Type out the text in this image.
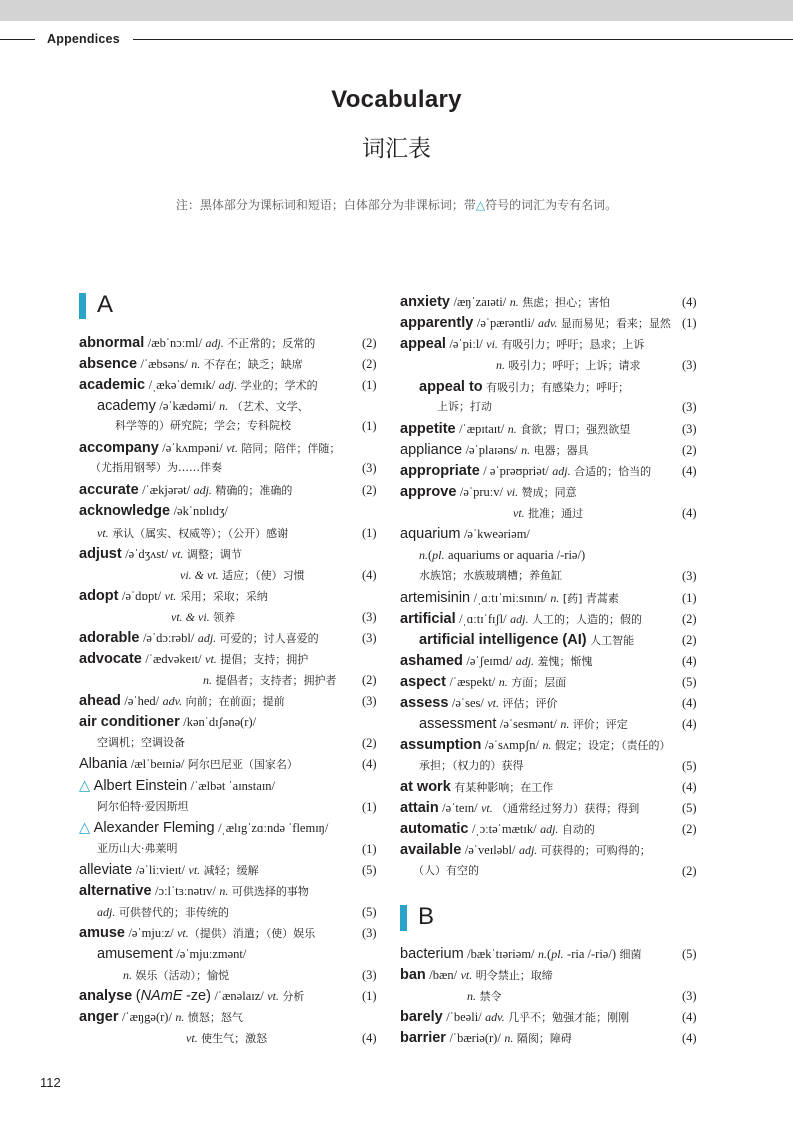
Appendices
Vocabulary
词汇表
注：黑体部分为课标词和短语；白体部分为非课标词；带△符号的词汇为专有名词。
A
abnormal /æbˈnɔːml/ adj. 不正常的；反常的	(2)
absence /ˈæbsəns/ n. 不存在；缺乏；缺席	(2)
academic /ˌækəˈdemɪk/ adj. 学业的；学术的	(1)
academy /əˈkædəmi/ n. （艺术、文学、
科学等的）研究院；学会；专科院校	(1)
accompany /əˈkʌmpəni/ vt. 陪同；陪伴；伴随；
（尤指用钢琴）为……伴奏	(3)
accurate /ˈækjərət/ adj. 精确的；准确的	(2)
acknowledge /əkˈnɒlɪdʒ/
vt. 承认（属实、权威等）；（公开）感谢	(1)
adjust /əˈdʒʌst/ vt. 调整；调节
vi. & vt. 适应；（使）习惯	(4)
adopt /əˈdɒpt/ vt. 采用；采取；采纳
vt. & vi. 领养	(3)
adorable /əˈdɔːrəbl/ adj. 可爱的；讨人喜爱的	(3)
advocate /ˈædvəkeɪt/ vt. 提倡；支持；拥护
n. 提倡者；支持者；拥护者 (2)
ahead /əˈhed/ adv. 向前；在前面；提前	(3)
air conditioner /kənˈdɪʃənə(r)/
空调机；空调设备	(2)
Albania /ælˈbeɪniə/ 阿尔巴尼亚（国家名）	(4)
△ Albert Einstein /ˈælbət ˈaɪnstaɪn/
阿尔伯特·爱因斯坦	(1)
△ Alexander Fleming /ˌælɪgˈzɑːndə ˈflemɪŋ/
亚历山大·弗莱明	(1)
alleviate /əˈliːvieɪt/ vt. 减轻；缓解	(5)
alternative /ɔːlˈtɜːnətɪv/ n. 可供选择的事物
adj. 可供替代的；非传统的	(5)
amuse /əˈmjuːz/ vt.（提供）消遣；（使）娱乐	(3)
amusement /əˈmjuːzmənt/
n. 娱乐（活动）；愉悦	(3)
analyse (NAmE -ze) /ˈænəlaɪz/ vt. 分析	(1)
anger /ˈæŋgə(r)/ n. 愤怒；怒气
vt. 使生气；激怒	(4)
anxiety /æŋˈzaɪəti/ n. 焦虑；担心；害怕	(4)
apparently /əˈpærəntli/ adv. 显而易见；看来；显然 (1)
appeal /əˈpiːl/ vi. 有吸引力；呼吁；恳求；上诉
n. 吸引力；呼吁；上诉；请求	(3)
appeal to 有吸引力；有感染力；呼吁；
上诉；打动	(3)
appetite /ˈæpɪtaɪt/ n. 食欲；胃口；强烈欲望	(3)
appliance /əˈplaɪəns/ n. 电器；器具	(2)
appropriate / əˈprəʊpriət/ adj. 合适的；恰当的 (4)
approve /əˈpruːv/ vi. 赞成；同意
vt. 批准；通过	(4)
aquarium /əˈkweəriəm/
n.(pl. aquariums or aquaria /-riə/)
水族馆；水族玻璃槽；养鱼缸	(3)
artemisinin /ˌɑːtɪˈmiːsɪnɪn/ n. [药] 青蒿素	(1)
artificial /ˌɑːtɪˈfɪʃl/ adj. 人工的；人造的；假的	(2)
artificial intelligence (AI) 人工智能	(2)
ashamed /əˈʃeɪmd/ adj. 羞愧；惭愧	(4)
aspect /ˈæspekt/ n. 方面；层面	(5)
assess /əˈses/ vt. 评估；评价	(4)
assessment /əˈsesmənt/ n. 评价；评定	(4)
assumption /əˈsʌmpʃn/ n. 假定；设定；（责任的）
承担；（权力的）获得	(5)
at work 有某种影响；在工作	(4)
attain /əˈteɪn/ vt. （通常经过努力）获得；得到	(5)
automatic /ˌɔːtəˈmætɪk/ adj. 自动的	(2)
available /əˈveɪləbl/ adj. 可获得的；可购得的；
（人）有空的	(2)
B
bacterium /bækˈtɪəriəm/ n.(pl. -ria /-riə/) 细菌	(5)
ban /bæn/ vt. 明令禁止；取缔
n. 禁令	(3)
barely /ˈbeəli/ adv. 几乎不；勉强才能；刚刚	(4)
barrier /ˈbæriə(r)/ n. 隔阂；障碍	(4)
112
